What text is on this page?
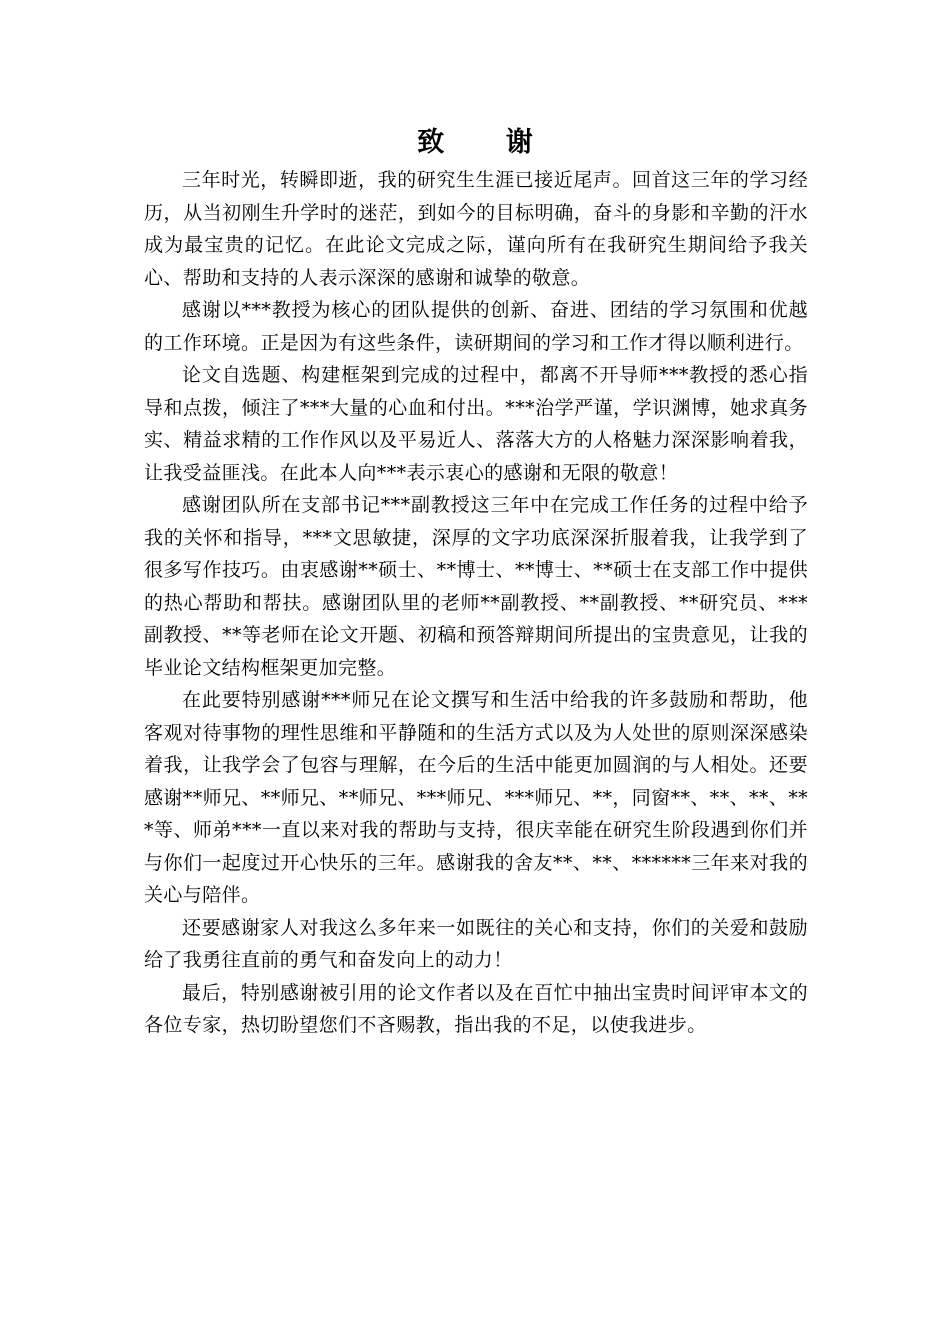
致 谢

三年时光，转瞬即逝，我的研究生生涯已接近尾声。回首这三年的学习经历，从当初刚生升学时的迷茫，到如今的目标明确，奋斗的身影和辛勤的汗水成为最宝贵的记忆。在此论文完成之际，谨向所有在我研究生期间给予我关心、帮助和支持的人表示深深的感谢和诚挚的敬意。

感谢以***教授为核心的团队提供的创新、奋进、团结的学习氛围和优越的工作环境。正是因为有这些条件，读研期间的学习和工作才得以顺利进行。

论文自选题、构建框架到完成的过程中，都离不开导师***教授的悉心指导和点拨，倾注了***大量的心血和付出。***治学严谨，学识渊博，她求真务实、精益求精的工作作风以及平易近人、落落大方的人格魅力深深影响着我，让我受益匪浅。在此本人向***表示衷心的感谢和无限的敬意！

感谢团队所在支部书记***副教授这三年中在完成工作任务的过程中给予我的关怀和指导，***文思敏捷，深厚的文字功底深深折服着我，让我学到了很多写作技巧。由衷感谢**硕士、**博士、**博士、**硕士在支部工作中提供的热心帮助和帮扶。感谢团队里的老师**副教授、**副教授、**研究员、***副教授、**等老师在论文开题、初稿和预答辩期间所提出的宝贵意见，让我的毕业论文结构框架更加完整。

在此要特别感谢***师兄在论文撰写和生活中给我的许多鼓励和帮助，他客观对待事物的理性思维和平静随和的生活方式以及为人处世的原则深深感染着我，让我学会了包容与理解，在今后的生活中能更加圆润的与人相处。还要感谢**师兄、**师兄、**师兄、***师兄、***师兄、**，同窗**、**、**、***等、师弟***一直以来对我的帮助与支持，很庆幸能在研究生阶段遇到你们并与你们一起度过开心快乐的三年。感谢我的舍友**、**、******三年来对我的关心与陪伴。

还要感谢家人对我这么多年来一如既往的关心和支持，你们的关爱和鼓励给了我勇往直前的勇气和奋发向上的动力！

最后，特别感谢被引用的论文作者以及在百忙中抽出宝贵时间评审本文的各位专家，热切盼望您们不吝赐教，指出我的不足，以使我进步。
